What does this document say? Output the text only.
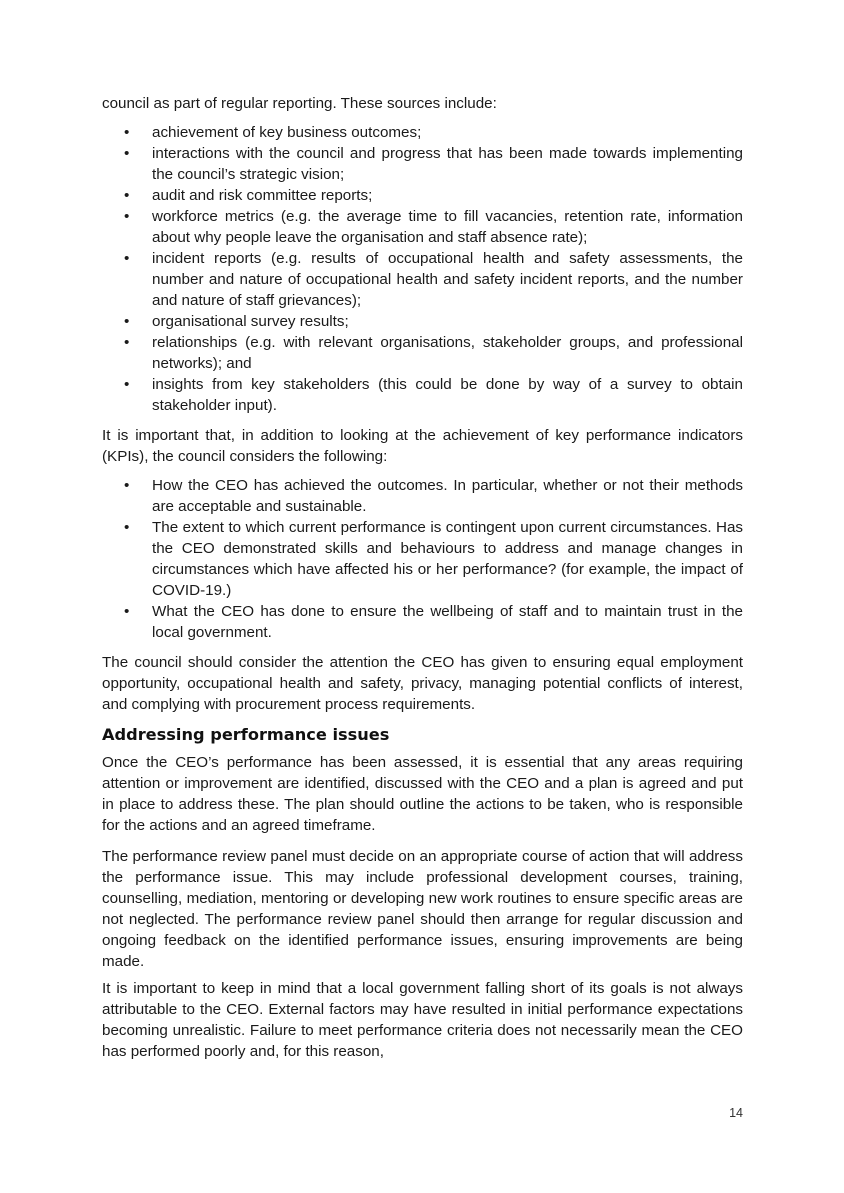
council as part of regular reporting. These sources include:

• achievement of key business outcomes;
• interactions with the council and progress that has been made towards implementing the council’s strategic vision;
• audit and risk committee reports;
• workforce metrics (e.g. the average time to fill vacancies, retention rate, information about why people leave the organisation and staff absence rate);
• incident reports (e.g. results of occupational health and safety assessments, the number and nature of occupational health and safety incident reports, and the number and nature of staff grievances);
• organisational survey results;
• relationships (e.g. with relevant organisations, stakeholder groups, and professional networks); and
• insights from key stakeholders (this could be done by way of a survey to obtain stakeholder input).

It is important that, in addition to looking at the achievement of key performance indicators (KPIs), the council considers the following:

• How the CEO has achieved the outcomes. In particular, whether or not their methods are acceptable and sustainable.
• The extent to which current performance is contingent upon current circumstances. Has the CEO demonstrated skills and behaviours to address and manage changes in circumstances which have affected his or her performance? (for example, the impact of COVID-19.)
• What the CEO has done to ensure the wellbeing of staff and to maintain trust in the local government.

The council should consider the attention the CEO has given to ensuring equal employment opportunity, occupational health and safety, privacy, managing potential conflicts of interest, and complying with procurement process requirements.

Addressing performance issues

Once the CEO’s performance has been assessed, it is essential that any areas requiring attention or improvement are identified, discussed with the CEO and a plan is agreed and put in place to address these. The plan should outline the actions to be taken, who is responsible for the actions and an agreed timeframe.

The performance review panel must decide on an appropriate course of action that will address the performance issue. This may include professional development courses, training, counselling, mediation, mentoring or developing new work routines to ensure specific areas are not neglected. The performance review panel should then arrange for regular discussion and ongoing feedback on the identified performance issues, ensuring improvements are being made.

It is important to keep in mind that a local government falling short of its goals is not always attributable to the CEO. External factors may have resulted in initial performance expectations becoming unrealistic. Failure to meet performance criteria does not necessarily mean the CEO has performed poorly and, for this reason,

14
